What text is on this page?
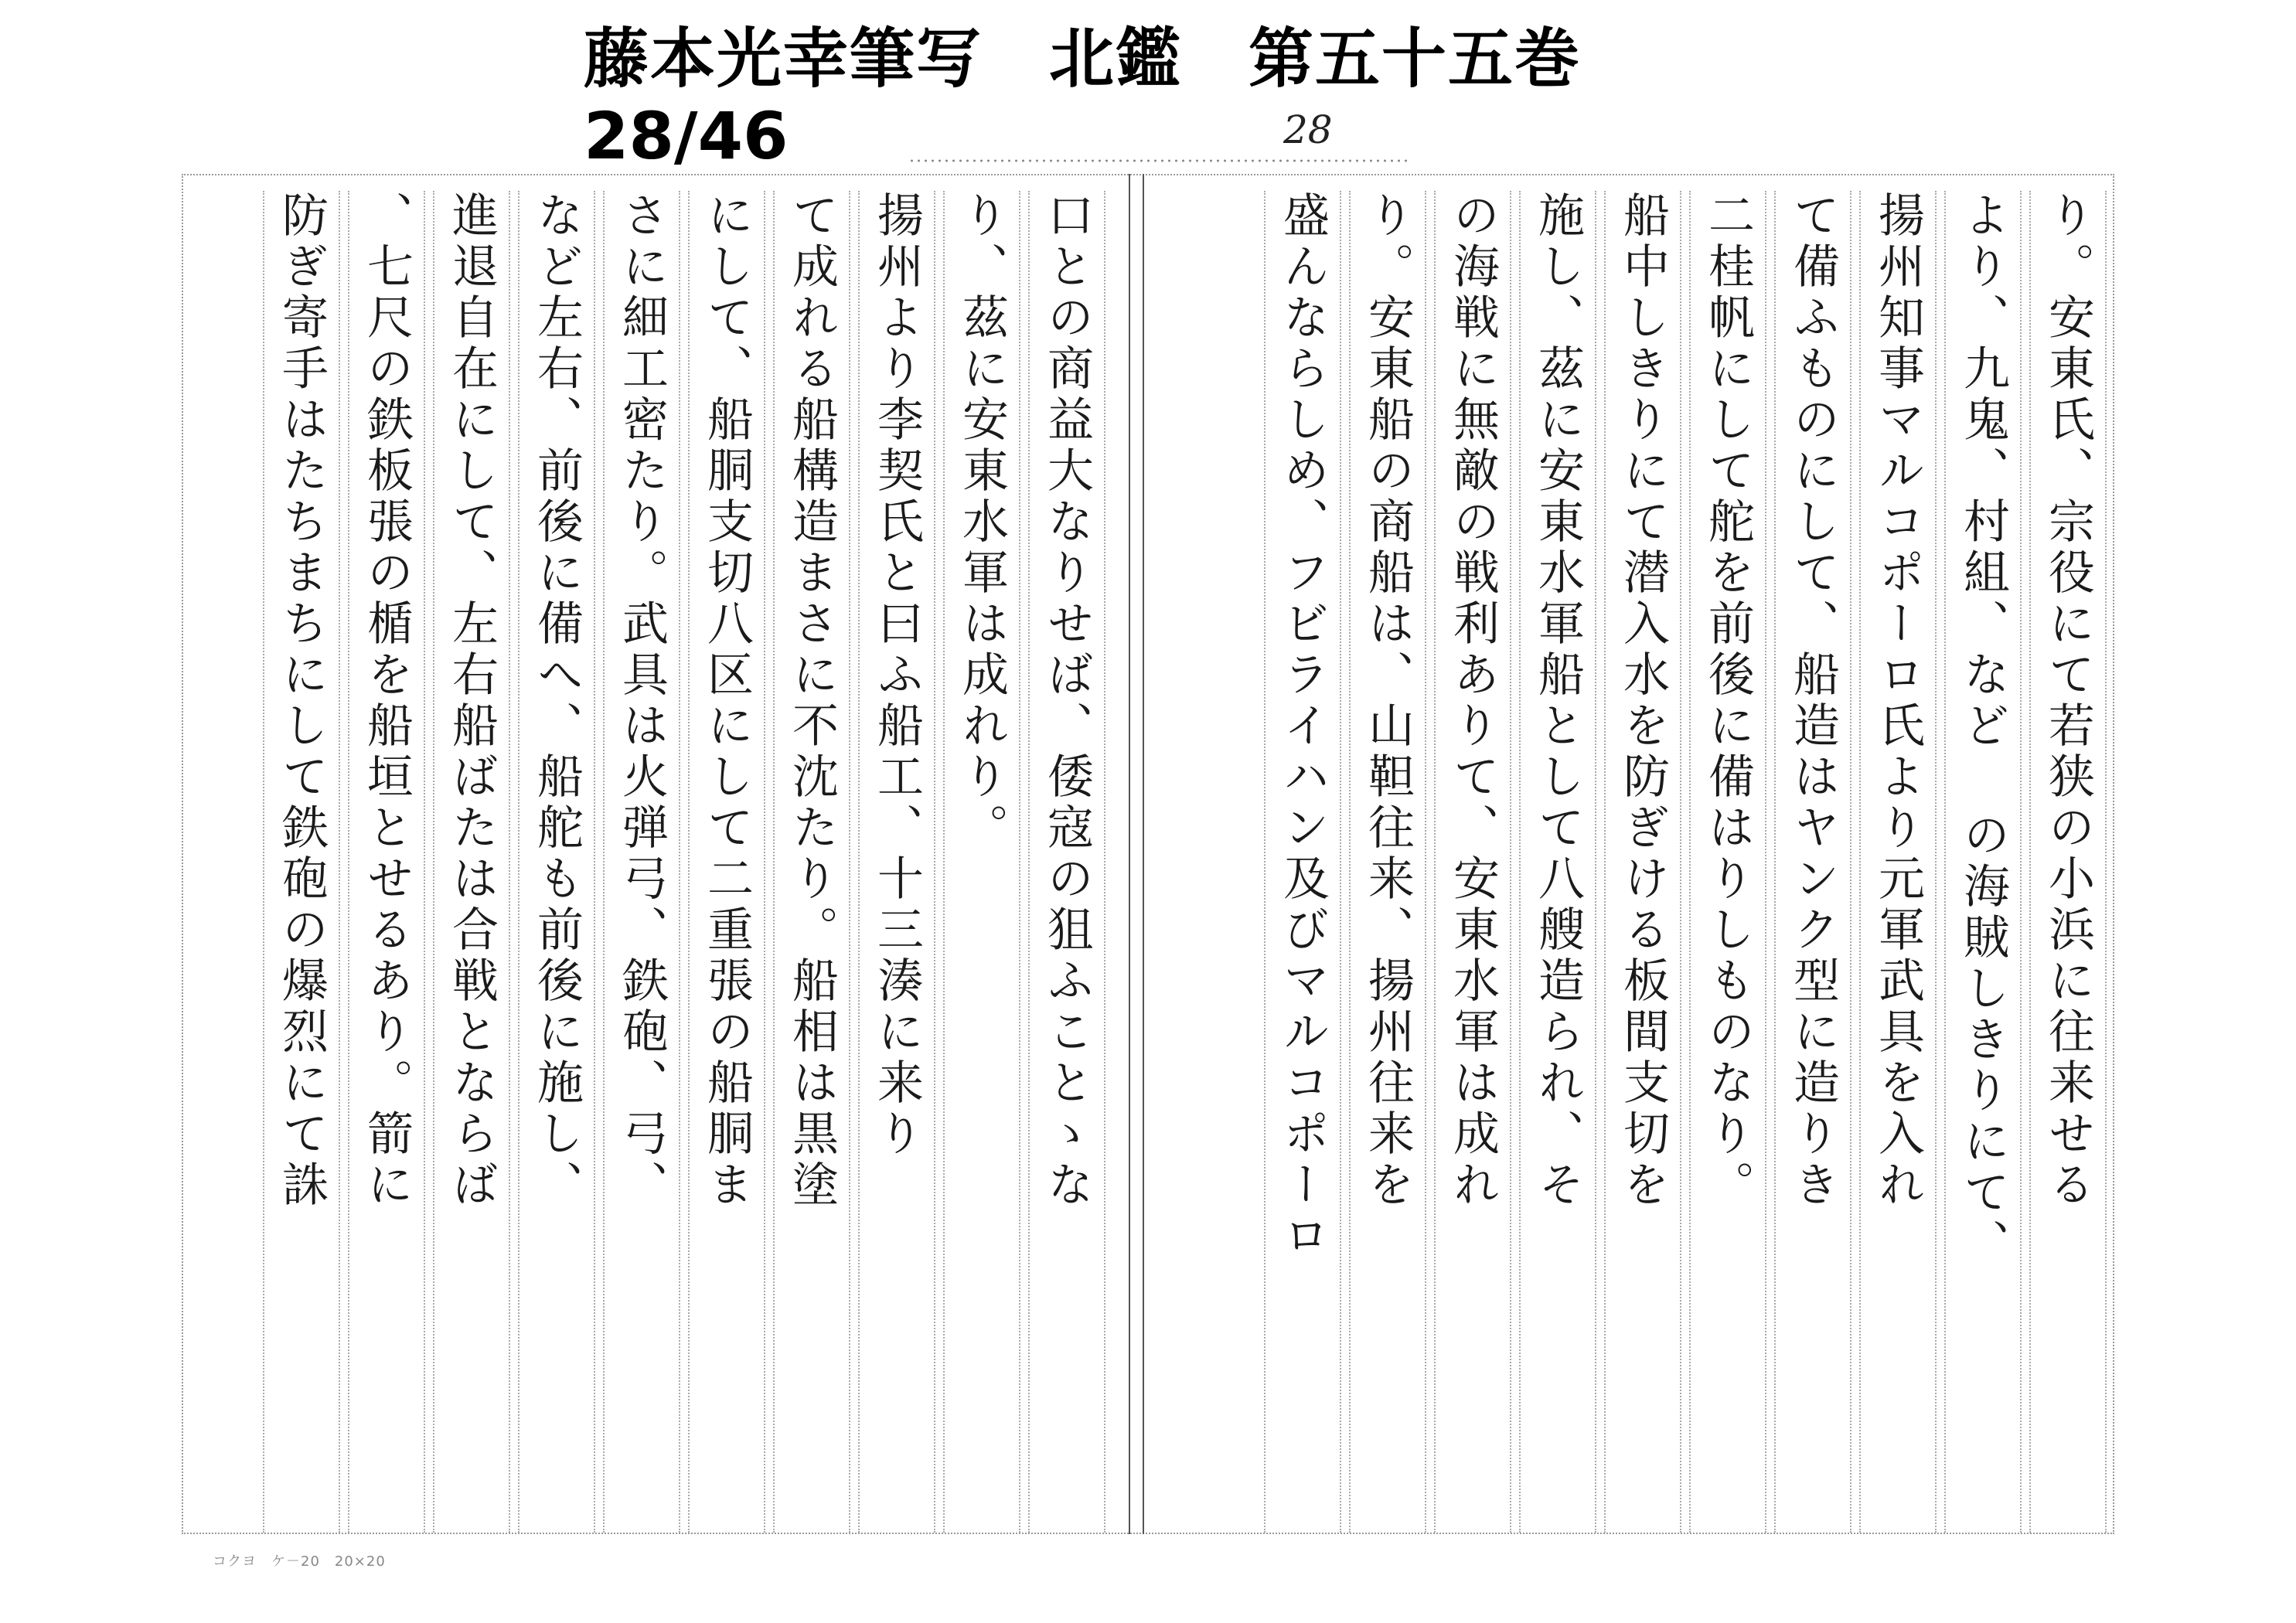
藤本光幸筆写　北鑑　第五十五巻
28/46	28
り。安東氏、宗役にて若狭の小浜に往来せる
より、九鬼、村組、など の海賊しきりにて、
揚州知事マルコポーロ氏より元軍武具を入れ
て備ふものにして、船造はヤンク型に造りき
二桂帆にして舵を前後に備はりしものなり。
船中しきりにて潜入水を防ぎける板間支切を
施し、茲に安東水軍船として八艘造られ、そ
の海戦に無敵の戦利ありて、安東水軍は成れ
り。安東船の商船は、山靼往来、揚州往来を
盛んならしめ、フビライハン及びマルコポーロ
口との商益大なりせば、倭寇の狙ふことゝな
り、茲に安東水軍は成れり。
揚州より李契氏と曰ふ船工、十三湊に来り
て成れる船構造まさに不沈たり。船相は黒塗
にして、船胴支切八区にして二重張の船胴ま
さに細工密たり。武具は火弾弓、鉄砲、弓、
など左右、前後に備へ、船舵も前後に施し、
進退自在にして、左右船ばたは合戦とならば
、七尺の鉄板張の楯を船垣とせるあり。箭に
防ぎ寄手はたちまちにして鉄砲の爆烈にて誅
コクヨ　ケ－20　20×20
